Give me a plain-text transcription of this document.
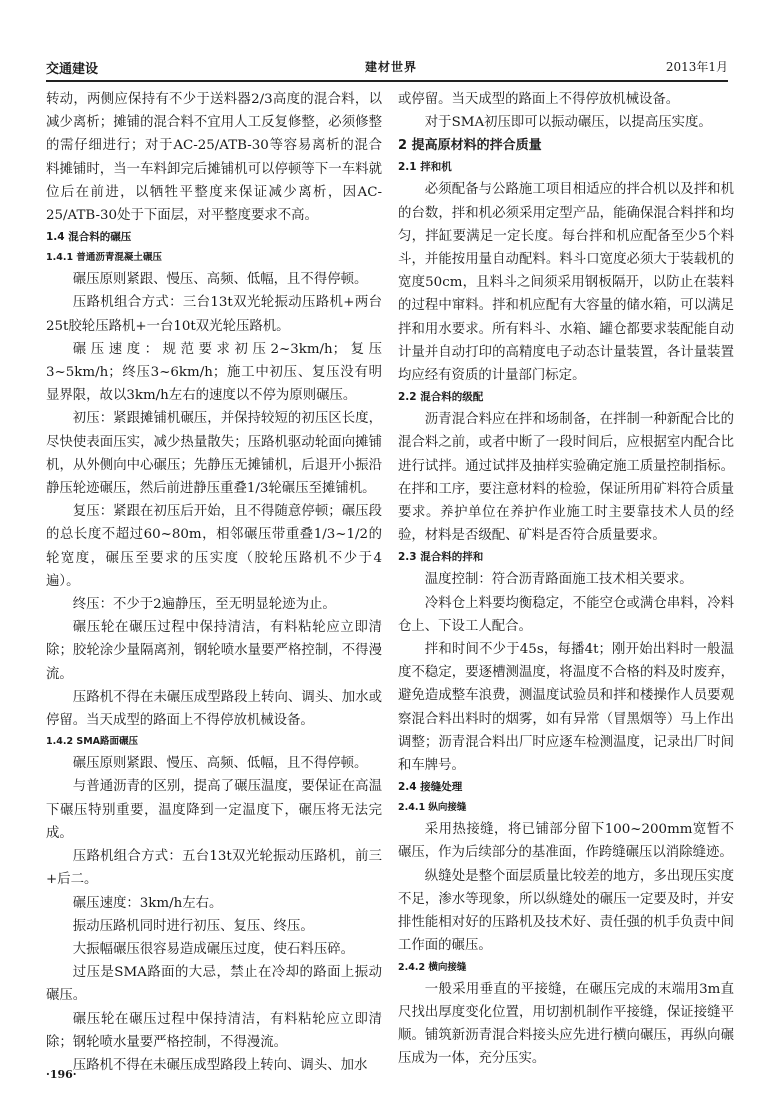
交通建设	建材世界	2013年1月

转动，两侧应保持有不少于送料器2/3高度的混合料，以减少离析；摊铺的混合料不宜用人工反复修整，必须修整的需仔细进行；对于AC-25/ATB-30等容易离析的混合料摊铺时，当一车料卸完后摊铺机可以停顿等下一车料就位后在前进，以牺牲平整度来保证减少离析，因AC-25/ATB-30处于下面层，对平整度要求不高。

1.4 混合料的碾压

1.4.1 普通沥青混凝土碾压

碾压原则紧跟、慢压、高频、低幅，且不得停顿。

压路机组合方式：三台13t双光轮振动压路机+两台25t胶轮压路机+一台10t双光轮压路机。

碾压速度：规范要求初压2~3km/h；复压3~5km/h；终压3~6km/h；施工中初压、复压没有明显界限，故以3km/h左右的速度以不停为原则碾压。

初压：紧跟摊铺机碾压，并保持较短的初压区长度，尽快使表面压实，减少热量散失；压路机驱动轮面向摊铺机，从外侧向中心碾压；先静压无摊铺机，后退开小振沿静压轮迹碾压，然后前进静压重叠1/3轮碾压至摊铺机。

复压：紧跟在初压后开始，且不得随意停顿；碾压段的总长度不超过60~80m，相邻碾压带重叠1/3~1/2的轮宽度，碾压至要求的压实度（胶轮压路机不少于4遍）。

终压：不少于2遍静压，至无明显轮迹为止。

碾压轮在碾压过程中保持清洁，有料粘轮应立即清除；胶轮涂少量隔离剂，钢轮喷水量要严格控制，不得漫流。

压路机不得在未碾压成型路段上转向、调头、加水或停留。当天成型的路面上不得停放机械设备。

1.4.2 SMA路面碾压

碾压原则紧跟、慢压、高频、低幅，且不得停顿。

与普通沥青的区别，提高了碾压温度，要保证在高温下碾压特别重要，温度降到一定温度下，碾压将无法完成。

压路机组合方式：五台13t双光轮振动压路机，前三+后二。

碾压速度：3km/h左右。

振动压路机同时进行初压、复压、终压。

大振幅碾压很容易造成碾压过度，使石料压碎。

过压是SMA路面的大忌，禁止在冷却的路面上振动碾压。

碾压轮在碾压过程中保持清洁，有料粘轮应立即清除；钢轮喷水量要严格控制，不得漫流。

压路机不得在未碾压成型路段上转向、调头、加水

或停留。当天成型的路面上不得停放机械设备。

对于SMA初压即可以振动碾压，以提高压实度。

2 提高原材料的拌合质量

2.1 拌和机

必须配备与公路施工项目相适应的拌合机以及拌和机的台数，拌和机必须采用定型产品，能确保混合料拌和均匀，拌缸要满足一定长度。每台拌和机应配备至少5个料斗，并能按用量自动配料。料斗口宽度必须大于装载机的宽度50cm，且料斗之间须采用钢板隔开，以防止在装料的过程中窜料。拌和机应配有大容量的储水箱，可以满足拌和用水要求。所有料斗、水箱、罐仓都要求装配能自动计量并自动打印的高精度电子动态计量装置，各计量装置均应经有资质的计量部门标定。

2.2 混合料的级配

沥青混合料应在拌和场制备，在拌制一种新配合比的混合料之前，或者中断了一段时间后，应根据室内配合比进行试拌。通过试拌及抽样实验确定施工质量控制指标。在拌和工序，要注意材料的检验，保证所用矿料符合质量要求。养护单位在养护作业施工时主要靠技术人员的经验，材料是否级配、矿料是否符合质量要求。

2.3 混合料的拌和

温度控制：符合沥青路面施工技术相关要求。

冷料仓上料要均衡稳定，不能空仓或满仓串料，冷料仓上、下设工人配合。

拌和时间不少于45s，每播4t；刚开始出料时一般温度不稳定，要逐槽测温度，将温度不合格的料及时废弃，避免造成整车浪费，测温度试验员和拌和楼操作人员要观察混合料出料时的烟雾，如有异常（冒黑烟等）马上作出调整；沥青混合料出厂时应逐车检测温度，记录出厂时间和车牌号。

2.4 接缝处理

2.4.1 纵向接缝

采用热接缝，将已铺部分留下100~200mm宽暂不碾压，作为后续部分的基准面，作跨缝碾压以消除缝迹。

纵缝处是整个面层质量比较差的地方，多出现压实度不足，渗水等现象，所以纵缝处的碾压一定要及时，并安排性能相对好的压路机及技术好、责任强的机手负责中间工作面的碾压。

2.4.2 横向接缝

一般采用垂直的平接缝，在碾压完成的末端用3m直尺找出厚度变化位置，用切割机制作平接缝，保证接缝平顺。铺筑新沥青混合料接头应先进行横向碾压，再纵向碾压成为一体，充分压实。

·196·
